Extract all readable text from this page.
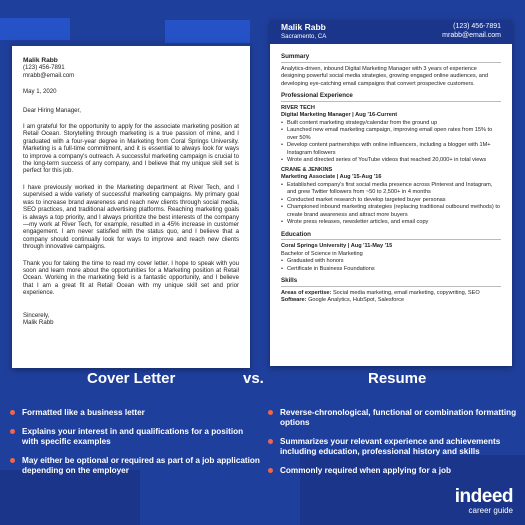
Malik Rabb
(123) 456-7891
mrabb@email.com
May 1, 2020
Dear Hiring Manager,

I am grateful for the opportunity to apply for the associate marketing position at Retail Ocean. Storytelling through marketing is a true passion of mine, and I graduated with a four-year degree in Marketing from Coral Springs University. Marketing is a full-time commitment, and it is essential to always look for ways to improve a company's outreach. A successful marketing campaign is crucial to the long-term success of any company, and I believe that my unique skill set is perfect for this job.

I have previously worked in the Marketing department at River Tech, and I supervised a wide variety of successful marketing campaigns. My primary goal was to increase brand awareness and reach new clients through social media, SEO practices, and traditional advertising platforms. Reaching marketing goals is always a top priority, and I always prioritize the best interests of the company—my work at River Tech, for example, resulted in a 45% increase in customer engagement. I am never satisfied with the status quo, and I believe that a company should continually look for ways to improve and reach new clients through innovative campaigns.

Thank you for taking the time to read my cover letter. I hope to speak with you soon and learn more about the opportunities for a Marketing position at Retail Ocean. Working in the marketing field is a fantastic opportunity, and I believe that I am a great fit at Retail Ocean with my unique skill set and prior experience.

Sincerely,
Malik Rabb
Malik Rabb
Sacramento, CA
(123) 456-7891
mrabb@email.com
Summary
Analytics-driven, inbound Digital Marketing Manager with 3 years of experience designing powerful social media strategies, growing engaged online audiences, and developing eye-catching email campaigns that convert prospective customers.
Professional Experience
RIVER TECH
Digital Marketing Manager | Aug '16-Current
• Built content marketing strategy/calendar from the ground up
• Launched new email marketing campaign, improving email open rates from 15% to over 50%
• Develop content partnerships with online influencers, including a blogger with 1M+ Instagram followers
• Wrote and directed series of YouTube videos that reached 20,000+ in total views
CRANE & JENKINS
Marketing Associate | Aug '15-Aug '16
• Established company's first social media presence across Pinterest and Instagram, and grew Twitter followers from ~50 to 2,500+ in 4 months
• Conducted market research to develop targeted buyer personas
• Championed inbound marketing strategies (replacing traditional outbound methods) to create brand awareness and attract more buyers
• Wrote press releases, newsletter articles, and email copy
Education
Coral Springs University | Aug '11-May '15
Bachelor of Science in Marketing
• Graduated with honors
• Certificate in Business Foundations
Skills
Areas of expertise: Social media marketing, email marketing, copywriting, SEO
Software: Google Analytics, HubSpot, Salesforce
Cover Letter	vs.	Resume
Formatted like a business letter
Explains your interest in and qualifications for a position with specific examples
May either be optional or required as part of a job application depending on the employer
Reverse-chronological, functional or combination formatting options
Summarizes your relevant experience and achievements including education, professional history and skills
Commonly required when applying for a job
indeed
career guide
